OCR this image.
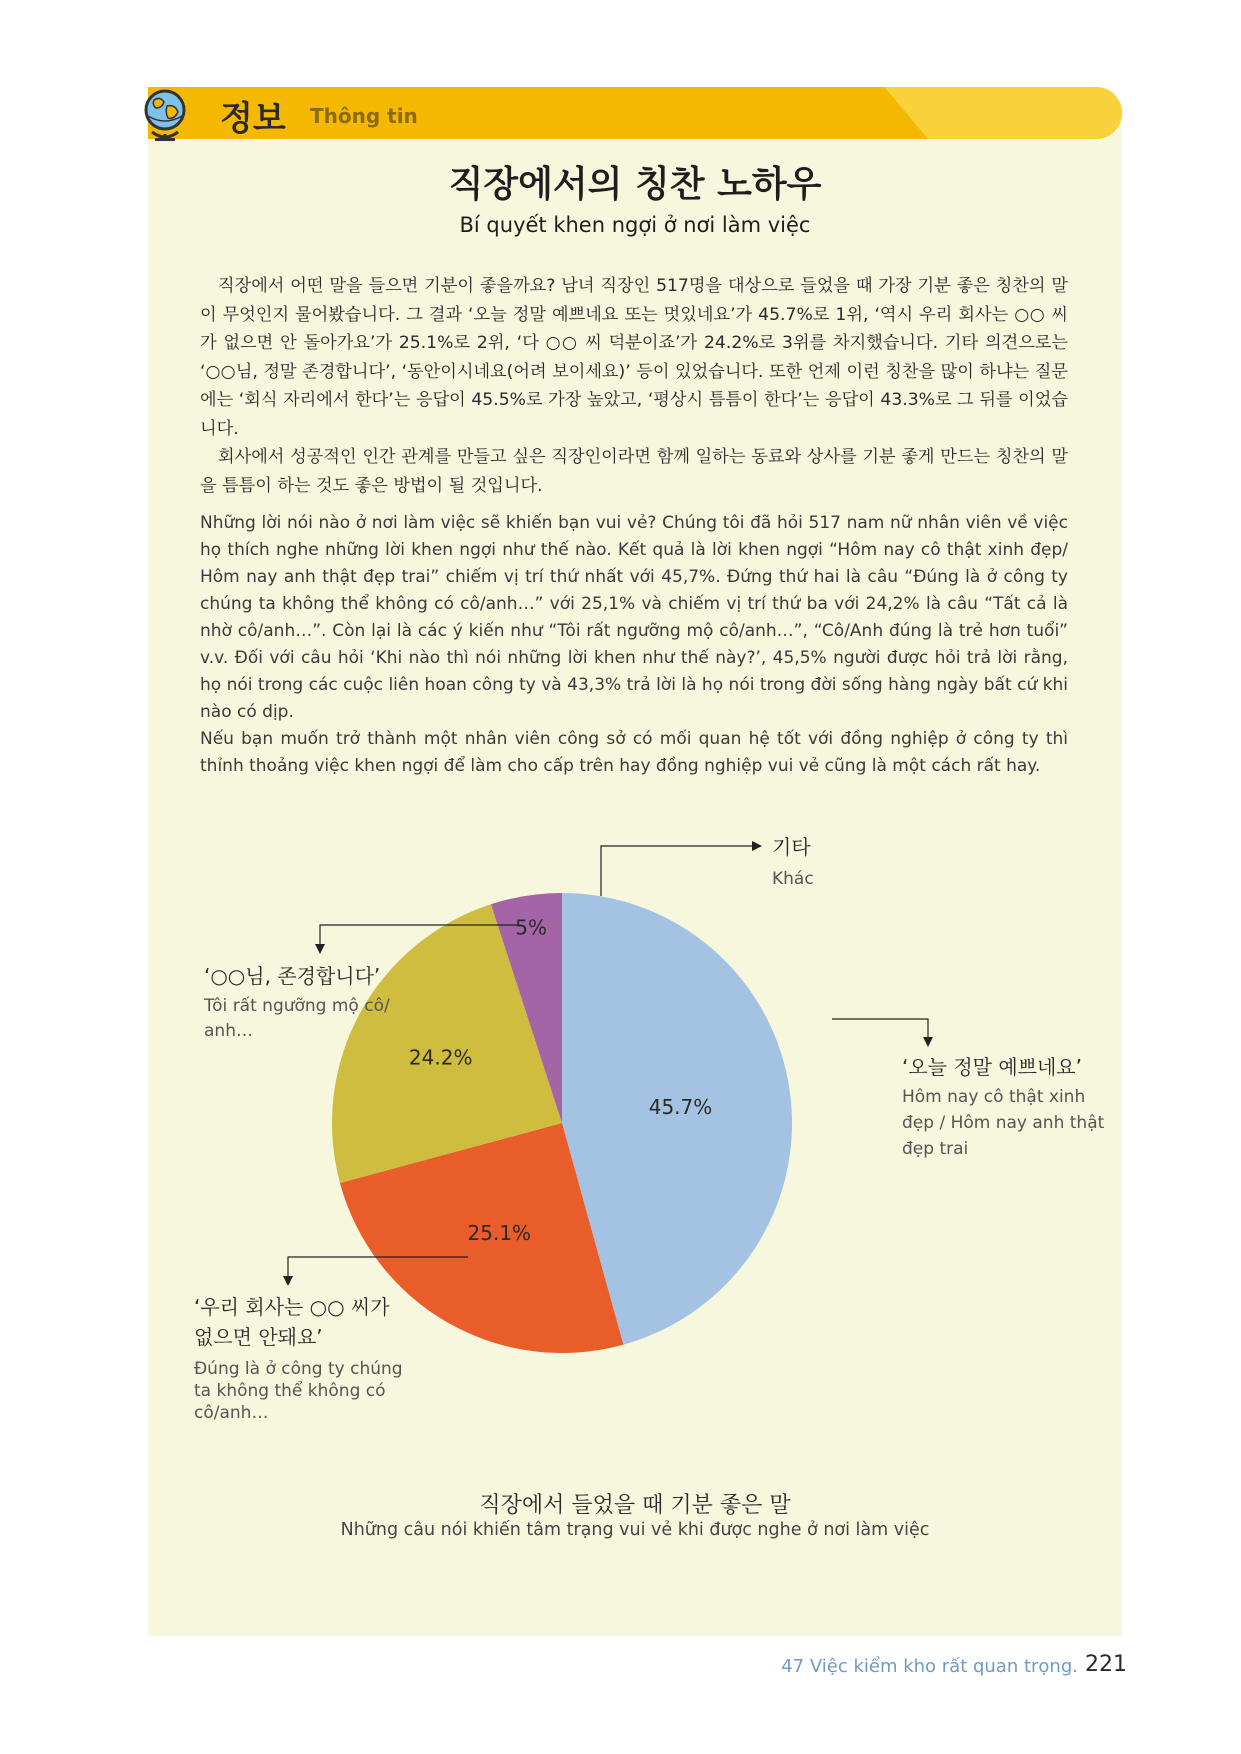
정보 Thông tin
직장에서의 칭찬 노하우
Bí quyết khen ngợi ở nơi làm việc

직장에서 어떤 말을 들으면 기분이 좋을까요? 남녀 직장인 517명을 대상으로 들었을 때 가장 기분 좋은 칭찬의 말이 무엇인지 물어봤습니다. 그 결과 ‘오늘 정말 예쁘네요 또는 멋있네요’가 45.7%로 1위, ‘역시 우리 회사는 ○○ 씨가 없으면 안 돌아가요’가 25.1%로 2위, ‘다 ○○ 씨 덕분이죠’가 24.2%로 3위를 차지했습니다. 기타 의견으로는 ‘○○님, 정말 존경합니다’, ‘동안이시네요(어려 보이세요)’ 등이 있었습니다. 또한 언제 이런 칭찬을 많이 하냐는 질문에는 ‘회식 자리에서 한다’는 응답이 45.5%로 가장 높았고, ‘평상시 틈틈이 한다’는 응답이 43.3%로 그 뒤를 이었습니다.

회사에서 성공적인 인간 관계를 만들고 싶은 직장인이라면 함께 일하는 동료와 상사를 기분 좋게 만드는 칭찬의 말을 틈틈이 하는 것도 좋은 방법이 될 것입니다.

Những lời nói nào ở nơi làm việc sẽ khiến bạn vui vẻ? Chúng tôi đã hỏi 517 nam nữ nhân viên về việc họ thích nghe những lời khen ngợi như thế nào. Kết quả là lời khen ngợi “Hôm nay cô thật xinh đẹp/ Hôm nay anh thật đẹp trai” chiếm vị trí thứ nhất với 45,7%. Đứng thứ hai là câu “Đúng là ở công ty chúng ta không thể không có cô/anh…” với 25,1% và chiếm vị trí thứ ba với 24,2% là câu “Tất cả là nhờ cô/anh…”. Còn lại là các ý kiến như “Tôi rất ngưỡng mộ cô/anh…”, “Cô/Anh đúng là trẻ hơn tuổi” v.v. Đối với câu hỏi ‘Khi nào thì nói những lời khen như thế này?’, 45,5% người được hỏi trả lời rằng, họ nói trong các cuộc liên hoan công ty và 43,3% trả lời là họ nói trong đời sống hàng ngày bất cứ khi nào có dịp.

Nếu bạn muốn trở thành một nhân viên công sở có mối quan hệ tốt với đồng nghiệp ở công ty thì thỉnh thoảng việc khen ngợi để làm cho cấp trên hay đồng nghiệp vui vẻ cũng là một cách rất hay.

45.7%
25.1%
24.2%
5%
기타
Khác
‘○○님, 존경합니다’
Tôi rất ngưỡng mộ cô/ anh…
‘오늘 정말 예쁘네요’
Hôm nay cô thật xinh đẹp / Hôm nay anh thật đẹp trai
‘우리 회사는 ○○ 씨가 없으면 안돼요’
Đúng là ở công ty chúng ta không thể không có cô/anh…
직장에서 들었을 때 기분 좋은 말
Những câu nói khiến tâm trạng vui vẻ khi được nghe ở nơi làm việc
47 Việc kiểm kho rất quan trọng. 221
